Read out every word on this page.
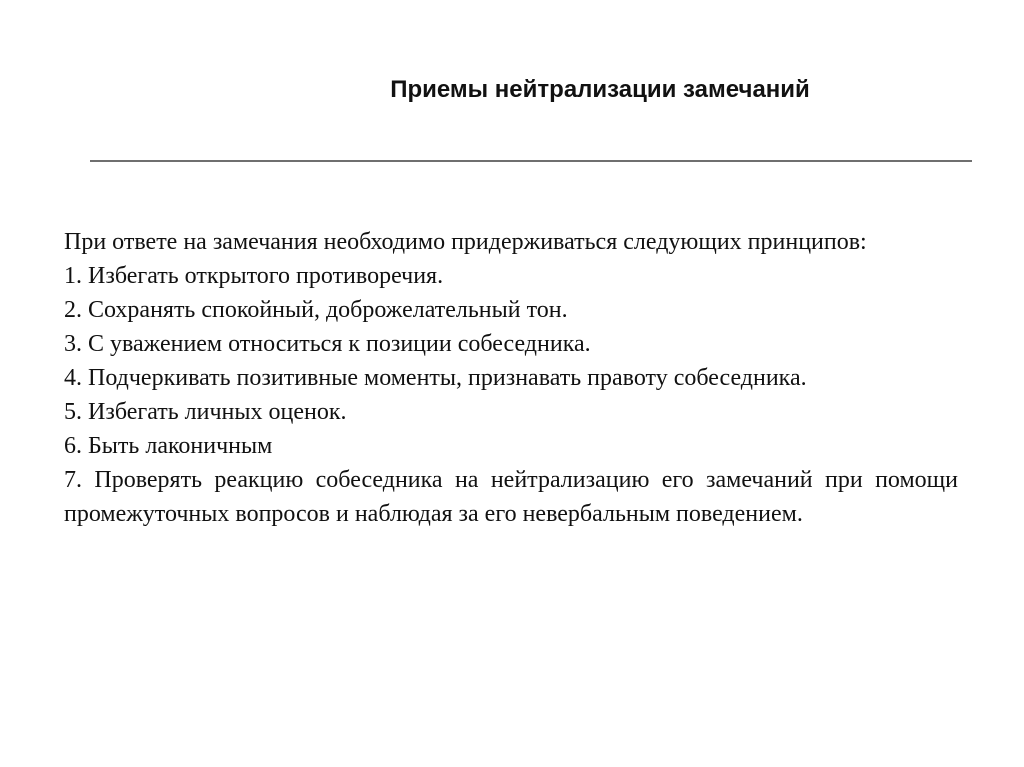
Приемы нейтрализации замечаний

При ответе на замечания необходимо придерживаться следующих принципов:

1. Избегать открытого противоречия.
2. Сохранять спокойный, доброжелательный тон.
3. С уважением относиться к позиции собеседника.
4. Подчеркивать позитивные моменты, признавать правоту собеседника.
5. Избегать личных оценок.
6. Быть лаконичным
7. Проверять реакцию собеседника на нейтрализацию его замечаний при помощи промежуточных вопросов и наблюдая за его невербальным поведением.
